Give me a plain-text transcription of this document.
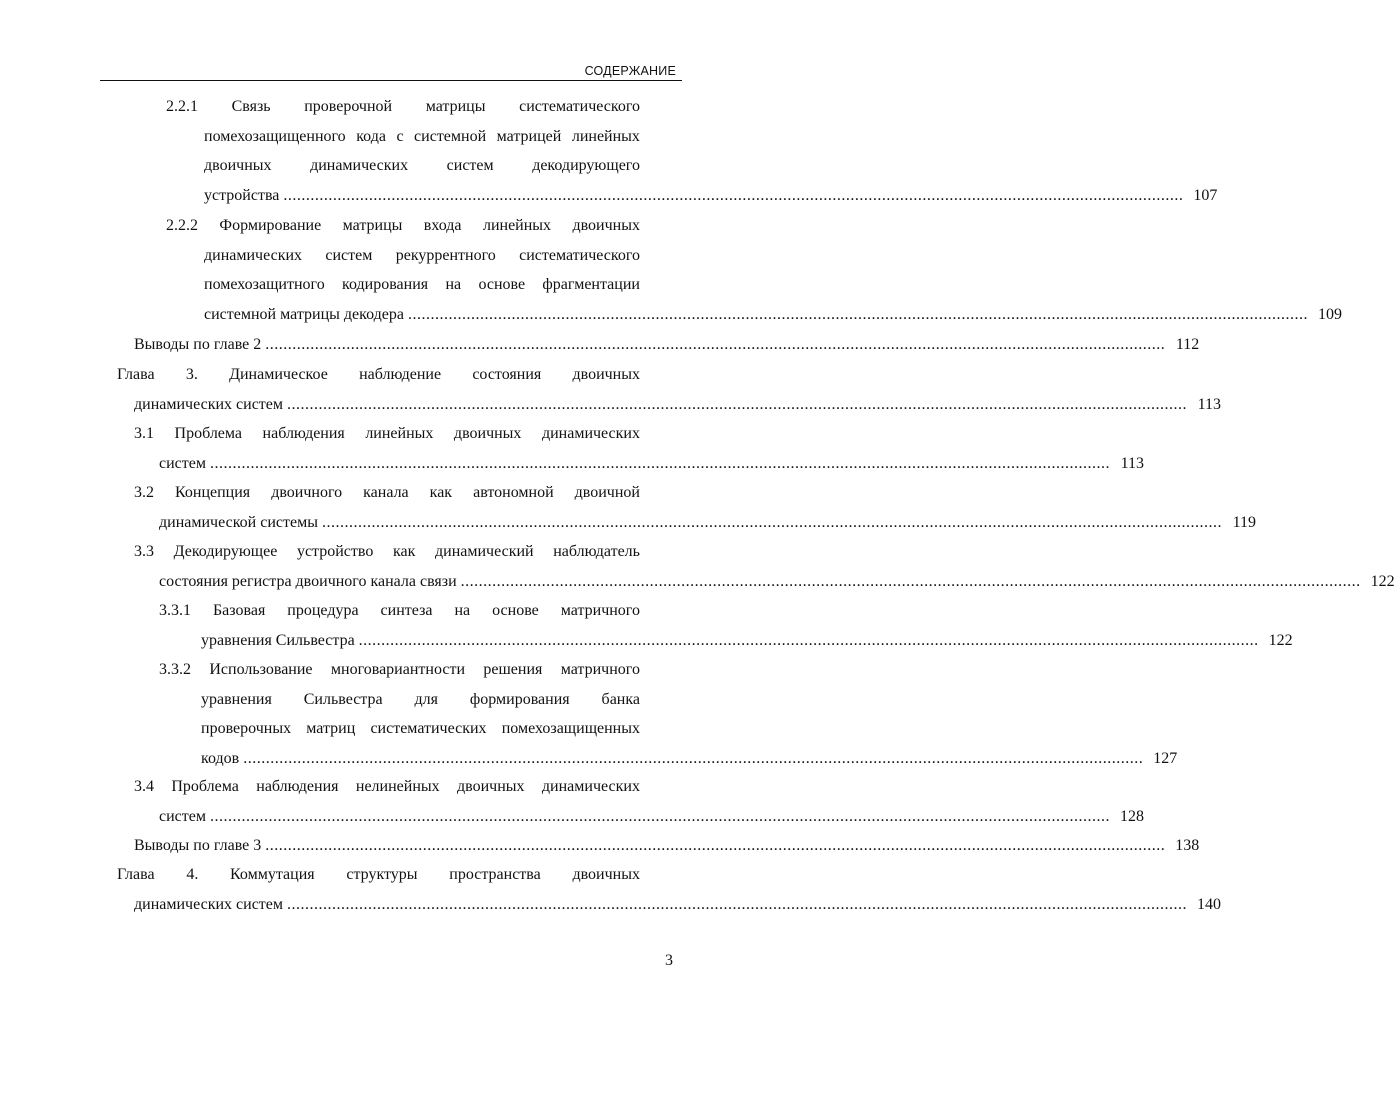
СОДЕРЖАНИЕ
2.2.1 Связь проверочной матрицы систематического
помехозащищенного кода с системной матрицей линейных
двоичных динамических систем декодирующего
устройства ........................................................................................................................................................................................................ 107
2.2.2 Формирование матрицы входа линейных двоичных
динамических систем рекуррентного систематического
помехозащитного кодирования на основе фрагментации
системной матрицы декодера ........................................................................................................................................................................................................ 109
Выводы по главе 2 ........................................................................................................................................................................................................ 112
Глава 3. Динамическое наблюдение состояния двоичных
динамических систем ........................................................................................................................................................................................................ 113
3.1 Проблема наблюдения линейных двоичных динамических
систем ........................................................................................................................................................................................................ 113
3.2 Концепция двоичного канала как автономной двоичной
динамической системы ........................................................................................................................................................................................................ 119
3.3 Декодирующее устройство как динамический наблюдатель
состояния регистра двоичного канала связи ........................................................................................................................................................................................................ 122
3.3.1 Базовая процедура синтеза на основе матричного
уравнения Сильвестра ........................................................................................................................................................................................................ 122
3.3.2 Использование многовариантности решения матричного
уравнения Сильвестра для формирования банка
проверочных матриц систематических помехозащищенных
кодов ........................................................................................................................................................................................................ 127
3.4 Проблема наблюдения нелинейных двоичных динамических
систем ........................................................................................................................................................................................................ 128
Выводы по главе 3 ........................................................................................................................................................................................................ 138
Глава 4. Коммутация структуры пространства двоичных
динамических систем ........................................................................................................................................................................................................ 140
3
